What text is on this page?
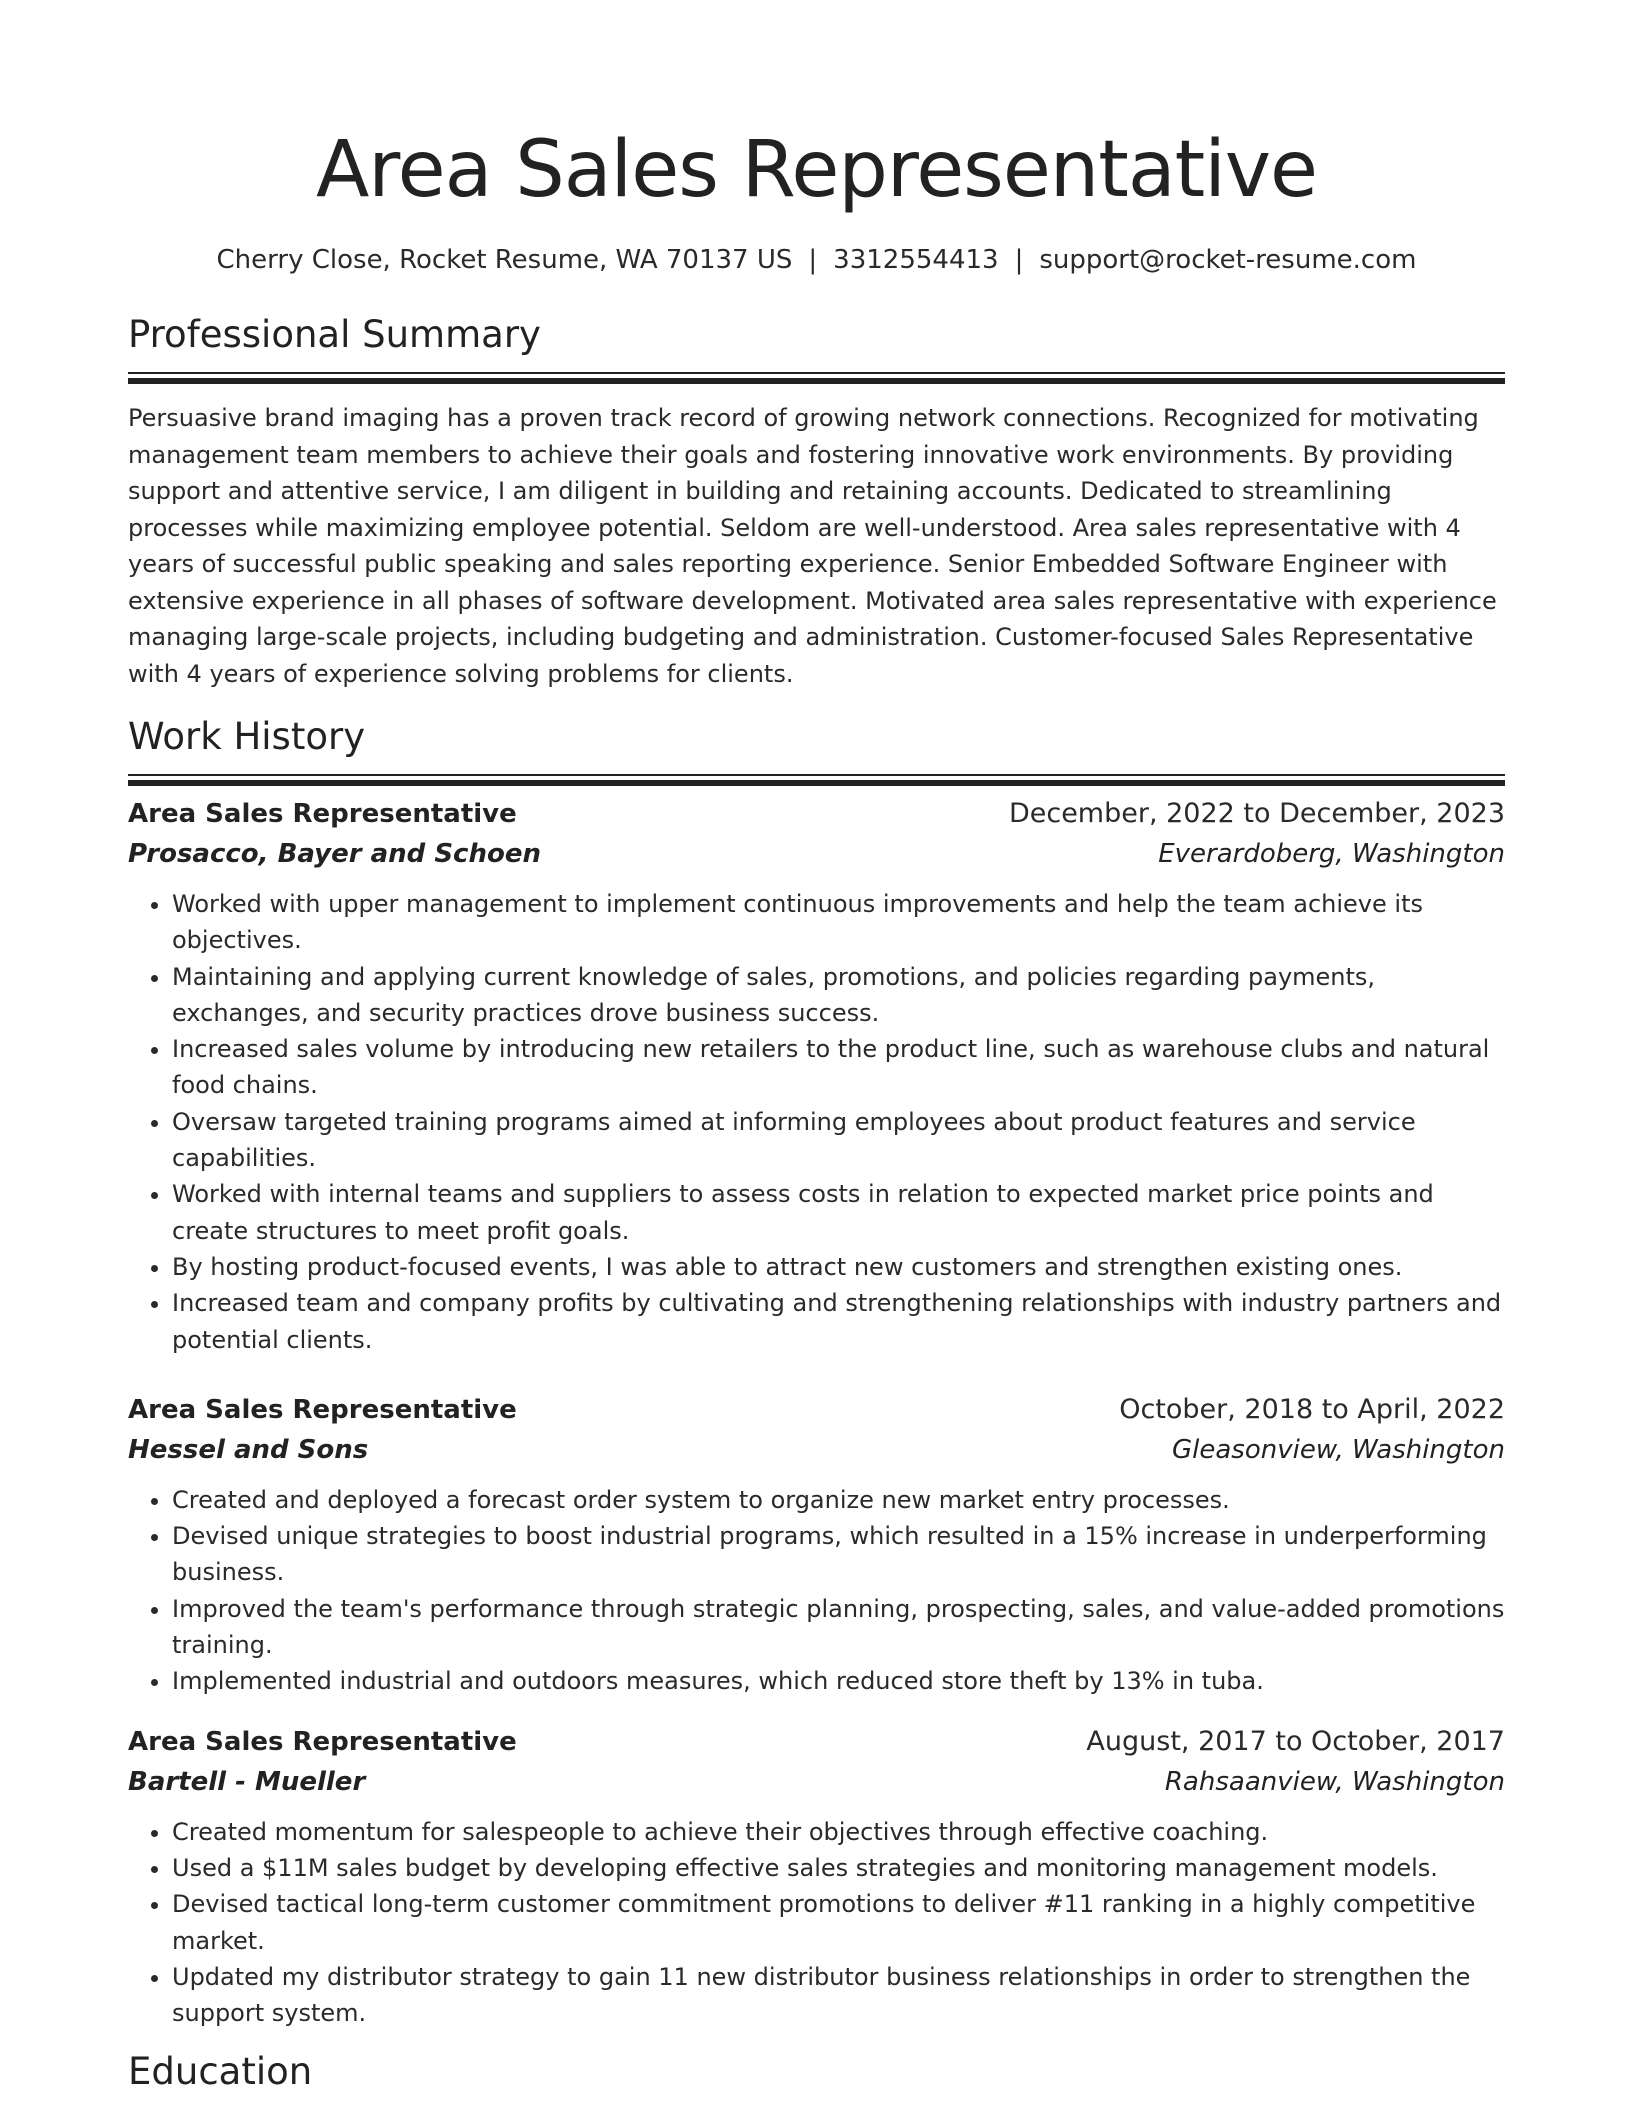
Area Sales Representative
Cherry Close, Rocket Resume, WA 70137 US | 3312554413 | support@rocket-resume.com
Professional Summary
Persuasive brand imaging has a proven track record of growing network connections. Recognized for motivating management team members to achieve their goals and fostering innovative work environments. By providing support and attentive service, I am diligent in building and retaining accounts. Dedicated to streamlining processes while maximizing employee potential. Seldom are well-understood. Area sales representative with 4 years of successful public speaking and sales reporting experience. Senior Embedded Software Engineer with extensive experience in all phases of software development. Motivated area sales representative with experience managing large-scale projects, including budgeting and administration. Customer-focused Sales Representative with 4 years of experience solving problems for clients.
Work History
Area Sales Representative	December, 2022 to December, 2023
Prosacco, Bayer and Schoen	Everardoberg, Washington
• Worked with upper management to implement continuous improvements and help the team achieve its objectives.
• Maintaining and applying current knowledge of sales, promotions, and policies regarding payments, exchanges, and security practices drove business success.
• Increased sales volume by introducing new retailers to the product line, such as warehouse clubs and natural food chains.
• Oversaw targeted training programs aimed at informing employees about product features and service capabilities.
• Worked with internal teams and suppliers to assess costs in relation to expected market price points and create structures to meet profit goals.
• By hosting product-focused events, I was able to attract new customers and strengthen existing ones.
• Increased team and company profits by cultivating and strengthening relationships with industry partners and potential clients.
Area Sales Representative	October, 2018 to April, 2022
Hessel and Sons	Gleasonview, Washington
• Created and deployed a forecast order system to organize new market entry processes.
• Devised unique strategies to boost industrial programs, which resulted in a 15% increase in underperforming business.
• Improved the team's performance through strategic planning, prospecting, sales, and value-added promotions training.
• Implemented industrial and outdoors measures, which reduced store theft by 13% in tuba.
Area Sales Representative	August, 2017 to October, 2017
Bartell - Mueller	Rahsaanview, Washington
• Created momentum for salespeople to achieve their objectives through effective coaching.
• Used a $11M sales budget by developing effective sales strategies and monitoring management models.
• Devised tactical long-term customer commitment promotions to deliver #11 ranking in a highly competitive market.
• Updated my distributor strategy to gain 11 new distributor business relationships in order to strengthen the support system.
Education
